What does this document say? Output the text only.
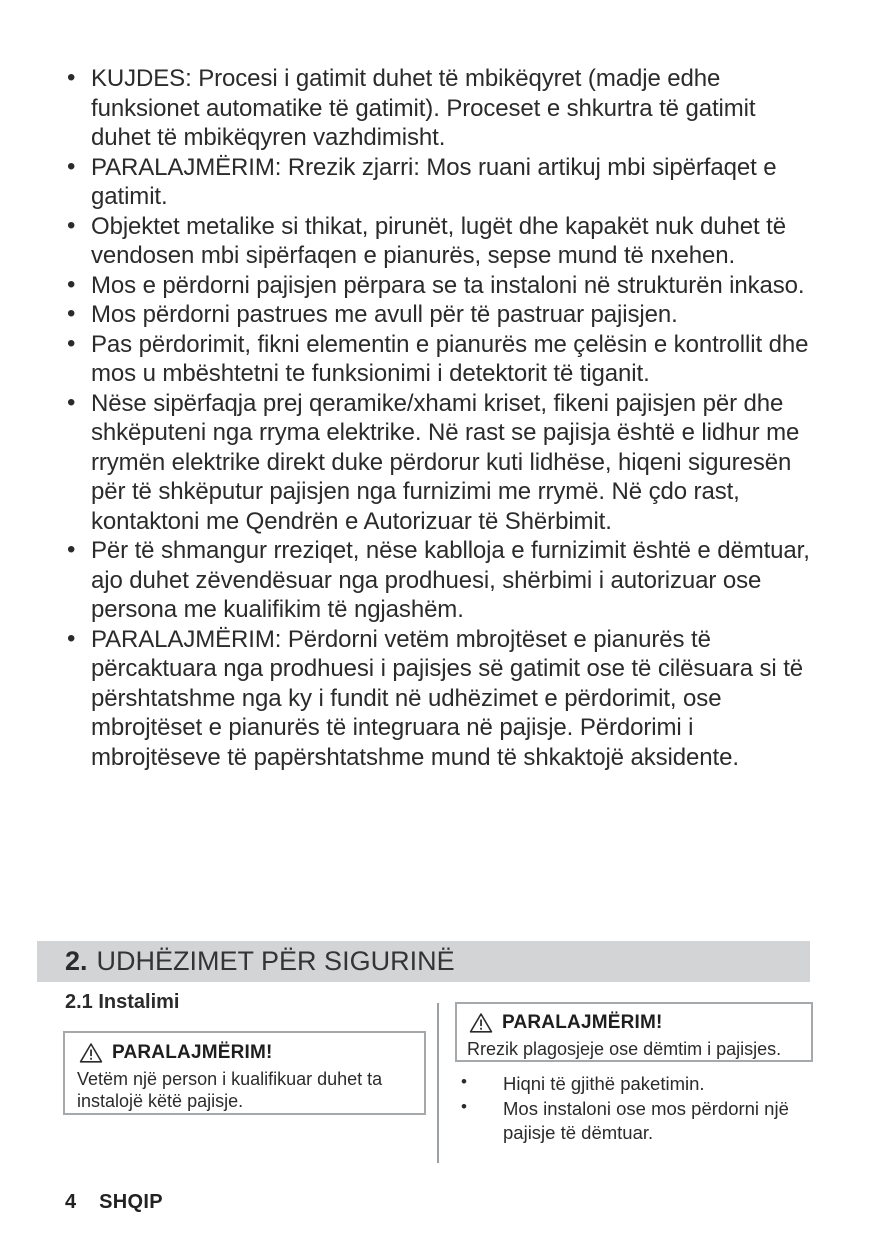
• KUJDES: Procesi i gatimit duhet të mbikëqyret (madje edhe funksionet automatike të gatimit). Proceset e shkurtra të gatimit duhet të mbikëqyren vazhdimisht.
• PARALAJMËRIM: Rrezik zjarri: Mos ruani artikuj mbi sipërfaqet e gatimit.
• Objektet metalike si thikat, pirunët, lugët dhe kapakët nuk duhet të vendosen mbi sipërfaqen e pianurës, sepse mund të nxehen.
• Mos e përdorni pajisjen përpara se ta instaloni në strukturën inkaso.
• Mos përdorni pastrues me avull për të pastruar pajisjen.
• Pas përdorimit, fikni elementin e pianurës me çelësin e kontrollit dhe mos u mbështetni te funksionimi i detektorit të tiganit.
• Nëse sipërfaqja prej qeramike/xhami kriset, fikeni pajisjen për dhe shkëputeni nga rryma elektrike. Në rast se pajisja është e lidhur me rrymën elektrike direkt duke përdorur kuti lidhëse, hiqeni siguresën për të shkëputur pajisjen nga furnizimi me rrymë. Në çdo rast, kontaktoni me Qendrën e Autorizuar të Shërbimit.
• Për të shmangur rreziqet, nëse kablloja e furnizimit është e dëmtuar, ajo duhet zëvendësuar nga prodhuesi, shërbimi i autorizuar ose persona me kualifikim të ngjashëm.
• PARALAJMËRIM: Përdorni vetëm mbrojtëset e pianurës të përcaktuara nga prodhuesi i pajisjes së gatimit ose të cilësuara si të përshtatshme nga ky i fundit në udhëzimet e përdorimit, ose mbrojtëset e pianurës të integruara në pajisje. Përdorimi i mbrojtëseve të papërshtatshme mund të shkaktojë aksidente.
2. UDHËZIMET PËR SIGURINË
2.1 Instalimi
PARALAJMËRIM!
Vetëm një person i kualifikuar duhet ta instalojë këtë pajisje.
PARALAJMËRIM!
Rrezik plagosjeje ose dëmtim i pajisjes.
• Hiqni të gjithë paketimin.
• Mos instaloni ose mos përdorni një pajisje të dëmtuar.
4 SHQIP
